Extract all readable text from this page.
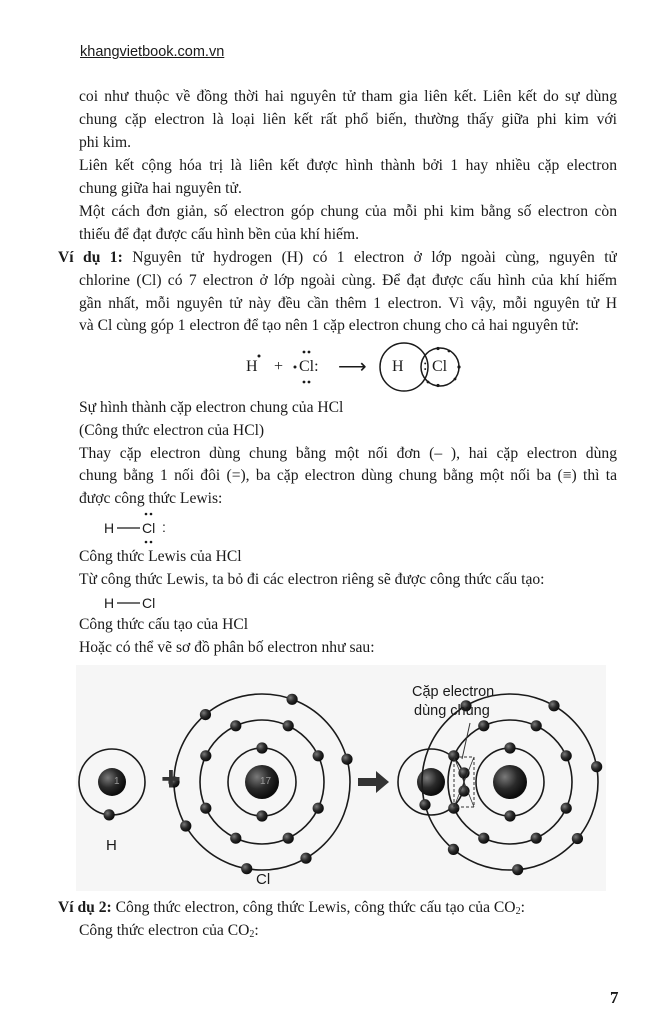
khangvietbook.com.vn
coi như thuộc về đồng thời hai nguyên tử tham gia liên kết. Liên kết do sự dùng
chung cặp electron là loại liên kết rất phổ biến, thường thấy giữa phi kim với
phi kim.
Liên kết cộng hóa trị là liên kết được hình thành bởi 1 hay nhiều cặp electron
chung giữa hai nguyên tử.
Một cách đơn giản, số electron góp chung của mỗi phi kim bằng số electron còn
thiếu để đạt được cấu hình bền của khí hiếm.
Ví dụ 1: Nguyên tử hydrogen (H) có 1 electron ở lớp ngoài cùng, nguyên tử
chlorine (Cl) có 7 electron ở lớp ngoài cùng. Để đạt được cấu hình của khí hiếm
gần nhất, mỗi nguyên tử này đều cần thêm 1 electron. Vì vậy, mỗi nguyên tử H
và Cl cùng góp 1 electron để tạo nên 1 cặp electron chung cho cả hai nguyên tử:
H + Cl: ⟶ H : Cl
Sự hình thành cặp electron chung của HCl
(Công thức electron của HCl)
Thay cặp electron dùng chung bằng một nối đơn (– ), hai cặp electron dùng
chung bằng 1 nối đôi (=), ba cặp electron dùng chung bằng một nối ba (≡) thì ta
được công thức Lewis:
H Cl :
Công thức Lewis của HCl
Từ công thức Lewis, ta bỏ đi các electron riêng sẽ được công thức cấu tạo:
H Cl
Công thức cấu tạo của HCl
Hoặc có thể vẽ sơ đồ phân bố electron như sau:
H
Cl
+
Cặp electron
dùng chung
1	17
Ví dụ 2: Công thức electron, công thức Lewis, công thức cấu tạo của $CO_2$:
Công thức electron của $CO_2$:
7
